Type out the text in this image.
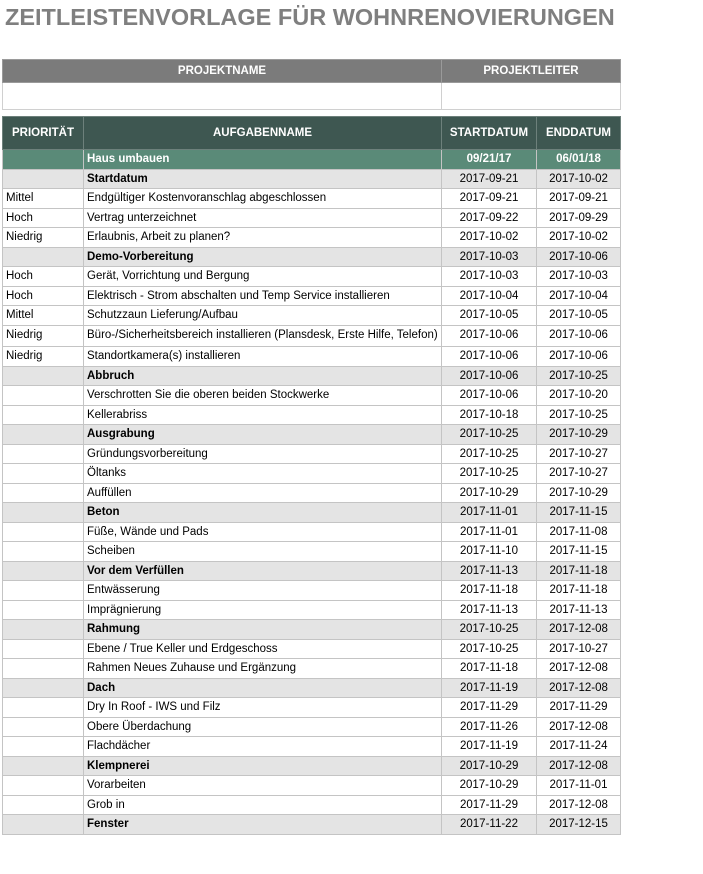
ZEITLEISTENVORLAGE FÜR WOHNRENOVIERUNGEN
PROJEKTNAME	PROJEKTLEITER

PRIORITÄT	AUFGABENNAME	STARTDATUM	ENDDATUM
	Haus umbauen	09/21/17	06/01/18
	Startdatum	2017-09-21	2017-10-02
Mittel	Endgültiger Kostenvoranschlag abgeschlossen	2017-09-21	2017-09-21
Hoch	Vertrag unterzeichnet	2017-09-22	2017-09-29
Niedrig	Erlaubnis, Arbeit zu planen?	2017-10-02	2017-10-02
	Demo-Vorbereitung	2017-10-03	2017-10-06
Hoch	Gerät, Vorrichtung und Bergung	2017-10-03	2017-10-03
Hoch	Elektrisch - Strom abschalten und Temp Service installieren	2017-10-04	2017-10-04
Mittel	Schutzzaun Lieferung/Aufbau	2017-10-05	2017-10-05
Niedrig	Büro-/Sicherheitsbereich installieren (Plansdesk, Erste Hilfe, Telefon)	2017-10-06	2017-10-06
Niedrig	Standortkamera(s) installieren	2017-10-06	2017-10-06
	Abbruch	2017-10-06	2017-10-25
	Verschrotten Sie die oberen beiden Stockwerke	2017-10-06	2017-10-20
	Kellerabriss	2017-10-18	2017-10-25
	Ausgrabung	2017-10-25	2017-10-29
	Gründungsvorbereitung	2017-10-25	2017-10-27
	Öltanks	2017-10-25	2017-10-27
	Auffüllen	2017-10-29	2017-10-29
	Beton	2017-11-01	2017-11-15
	Füße, Wände und Pads	2017-11-01	2017-11-08
	Scheiben	2017-11-10	2017-11-15
	Vor dem Verfüllen	2017-11-13	2017-11-18
	Entwässerung	2017-11-18	2017-11-18
	Imprägnierung	2017-11-13	2017-11-13
	Rahmung	2017-10-25	2017-12-08
	Ebene / True Keller und Erdgeschoss	2017-10-25	2017-10-27
	Rahmen Neues Zuhause und Ergänzung	2017-11-18	2017-12-08
	Dach	2017-11-19	2017-12-08
	Dry In Roof - IWS und Filz	2017-11-29	2017-11-29
	Obere Überdachung	2017-11-26	2017-12-08
	Flachdächer	2017-11-19	2017-11-24
	Klempnerei	2017-10-29	2017-12-08
	Vorarbeiten	2017-10-29	2017-11-01
	Grob in	2017-11-29	2017-12-08
	Fenster	2017-11-22	2017-12-15
